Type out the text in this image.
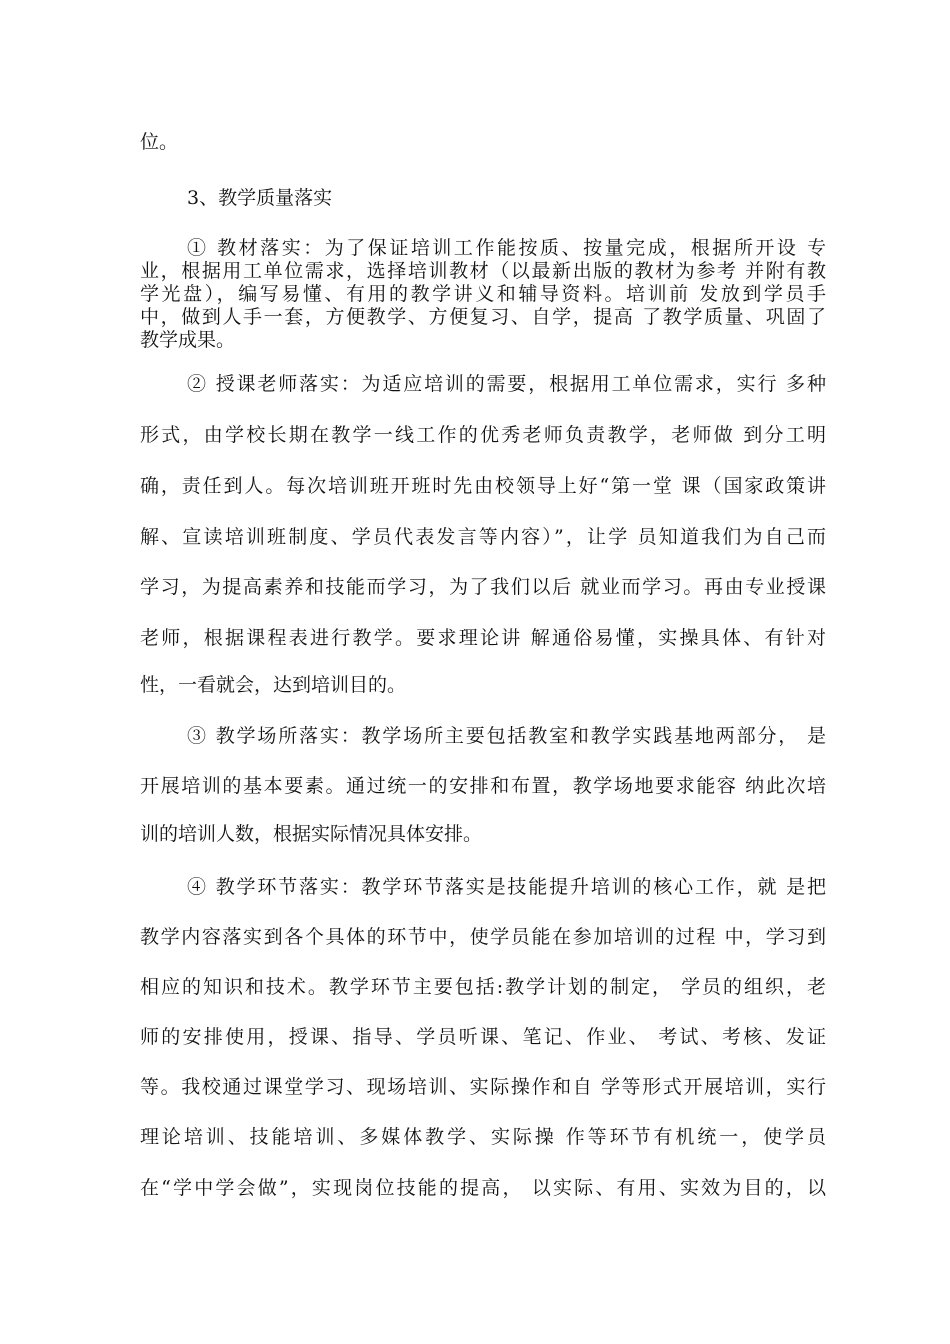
位。
3、教学质量落实
① 教材落实：为了保证培训工作能按质、按量完成，根据所开设 专
业，根据用工单位需求，选择培训教材（以最新出版的教材为参考 并附有教
学光盘），编写易懂、有用的教学讲义和辅导资料。培训前 发放到学员手
中，做到人手一套，方便教学、方便复习、自学，提高 了教学质量、巩固了
教学成果。
② 授课老师落实：为适应培训的需要，根据用工单位需求，实行 多种
形式，由学校长期在教学一线工作的优秀老师负责教学，老师做 到分工明
确，责任到人。每次培训班开班时先由校领导上好“第一堂 课（国家政策讲
解、宣读培训班制度、学员代表发言等内容）”，让学 员知道我们为自己而
学习，为提高素养和技能而学习，为了我们以后 就业而学习。再由专业授课
老师，根据课程表进行教学。要求理论讲 解通俗易懂，实操具体、有针对
性，一看就会，达到培训目的。
③ 教学场所落实：教学场所主要包括教室和教学实践基地两部分， 是
开展培训的基本要素。通过统一的安排和布置，教学场地要求能容 纳此次培
训的培训人数，根据实际情况具体安排。
④ 教学环节落实：教学环节落实是技能提升培训的核心工作，就 是把
教学内容落实到各个具体的环节中，使学员能在参加培训的过程 中，学习到
相应的知识和技术。教学环节主要包括:教学计划的制定， 学员的组织，老
师的安排使用，授课、指导、学员听课、笔记、作业、 考试、考核、发证
等。我校通过课堂学习、现场培训、实际操作和自 学等形式开展培训，实行
理论培训、技能培训、多媒体教学、实际操 作等环节有机统一，使学员
在“学中学会做”，实现岗位技能的提高， 以实际、有用、实效为目的，以
